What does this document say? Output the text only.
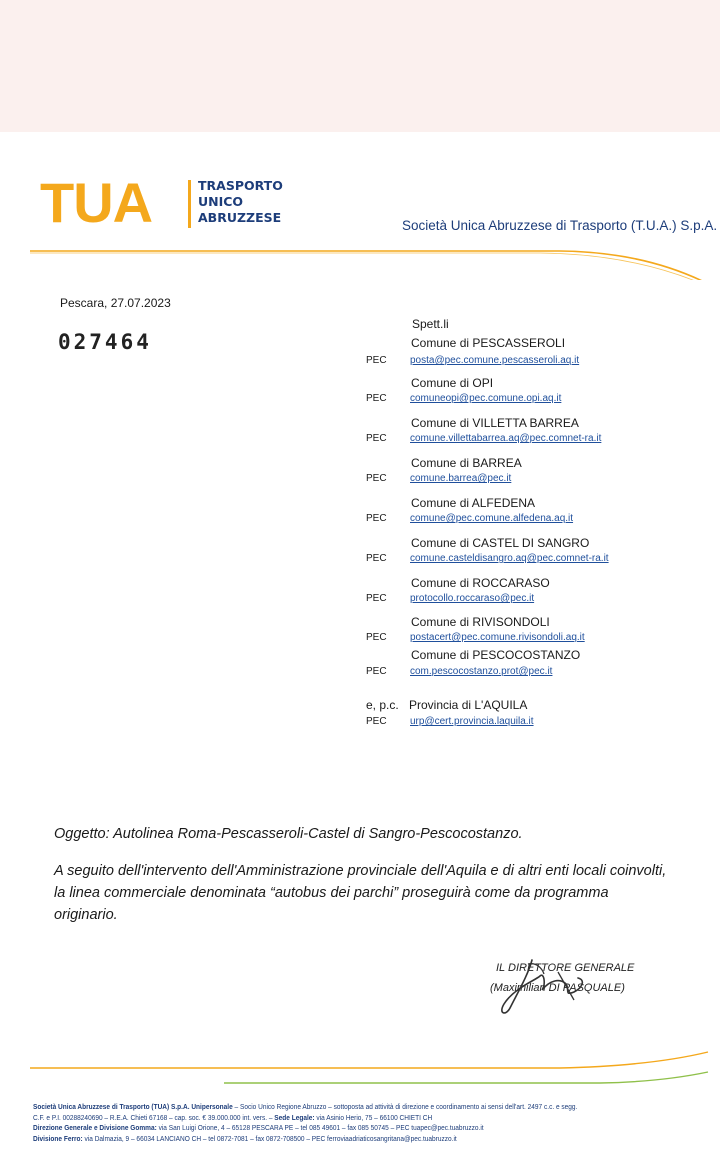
TUA	TRASPORTO
UNICO
ABRUZZESE
Società Unica Abruzzese di Trasporto (T.U.A.) S.p.A.
Pescara, 27.07.2023
027464
Spett.li
Comune di PESCASSEROLI
PEC posta@pec.comune.pescasseroli.aq.it
Comune di OPI
PEC comuneopi@pec.comune.opi.aq.it
Comune di VILLETTA BARREA
PEC comune.villettabarrea.aq@pec.comnet-ra.it
Comune di BARREA
PEC comune.barrea@pec.it
Comune di ALFEDENA
PEC comune@pec.comune.alfedena.aq.it
Comune di CASTEL DI SANGRO
PEC comune.casteldisangro.aq@pec.comnet-ra.it
Comune di ROCCARASO
PEC protocollo.roccaraso@pec.it
Comune di RIVISONDOLI
PEC postacert@pec.comune.rivisondoli.aq.it
Comune di PESCOCOSTANZO
PEC com.pescocostanzo.prot@pec.it
e, p.c. Provincia di L'AQUILA
PEC urp@cert.provincia.laquila.it
Oggetto: Autolinea Roma-Pescasseroli-Castel di Sangro-Pescocostanzo.
A seguito dell'intervento dell'Amministrazione provinciale dell'Aquila e di altri enti locali coinvolti, la linea commerciale denominata “autobus dei parchi” proseguirà come da programma originario.
IL DIRETTORE GENERALE
(Maximilian DI PASQUALE)
Società Unica Abruzzese di Trasporto (TUA) S.p.A. Unipersonale – Socio Unico Regione Abruzzo – sottoposta ad attività di direzione e coordinamento ai sensi dell'art. 2497 c.c. e segg.
C.F. e P.I. 00288240690 – R.E.A. Chieti 67168 – cap. soc. € 39.000.000 int. vers. – Sede Legale: via Asinio Herio, 75 – 66100 CHIETI CH
Direzione Generale e Divisione Gomma: via San Luigi Orione, 4 – 65128 PESCARA PE – tel 085 49601 – fax 085 50745 – PEC tuapec@pec.tuabruzzo.it
Divisione Ferro: via Dalmazia, 9 – 66034 LANCIANO CH – tel 0872-7081 – fax 0872-708500 – PEC ferroviaadriaticosangritana@pec.tuabruzzo.it
